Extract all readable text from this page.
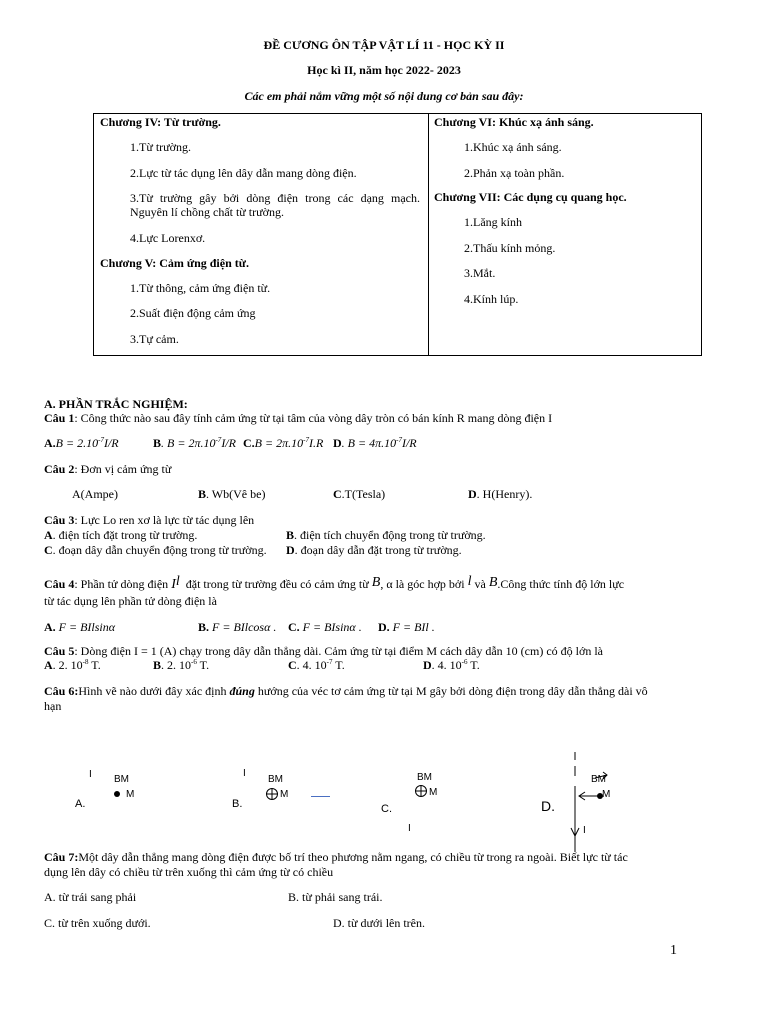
ĐỀ CƯƠNG ÔN TẬP VẬT LÍ 11 - HỌC KỲ II
Học kì II, năm học 2022- 2023
Các em phải nắm vững một số nội dung cơ bản sau đây:
Chương IV: Từ trường.
1.Từ trường.
2.Lực từ tác dụng lên dây dẫn mang dòng điện.
3.Từ trường gây bởi dòng điện trong các dạng mạch. Nguyên lí chồng chất từ trường.
4.Lực Lorenxơ.
Chương V: Cảm ứng điện từ.
1.Từ thông, cảm ứng điện từ.
2.Suất điện động cảm ứng
3.Tự cảm.

Chương VI: Khúc xạ ánh sáng.
1.Khúc xạ ánh sáng.
2.Phản xạ toàn phần.
Chương VII: Các dụng cụ quang học.
1.Lăng kính
2.Thấu kính mỏng.
3.Mắt.
4.Kính lúp.
A. PHẦN TRẮC NGHIỆM:
Câu 1: Công thức nào sau đây tính cảm ứng từ tại tâm của vòng dây tròn có bán kính R mang dòng điện I
$A.B = 2.10^{-7}I/R$	B. $B = 2\pi.10^{-7}I/R$ $C.B = 2\pi.10^{-7}I.R$ D. $B = 4\pi.10^{-7}I/R$
Câu 2: Đơn vị cảm ứng từ
A(Ampe)	B. Wb(Vê be)	C.T(Tesla)	D. H(Henry).
Câu 3: Lực Lo ren xơ là lực từ tác dụng lên
A. điện tích đặt trong từ trường.	B. điện tích chuyển động trong từ trường.
C. đoạn dây dẫn chuyển động trong từ trường. D. đoạn dây dẫn đặt trong từ trường.
Câu 4: Phần tử dòng điện Il đặt trong từ trường đều có cảm ứng từ B, α là góc hợp bởi l và B.Công thức tính độ lớn lực
từ tác dụng lên phần tử dòng điện là
A. F = BIlsinα	B. F = BIlcosα . C. F = BIsinα . D. F = BIl .
Câu 5: Dòng điện I = 1 (A) chạy trong dây dẫn thẳng dài. Cảm ứng từ tại điểm M cách dây dẫn 10 (cm) có độ lớn là
A. 2. $10^{-8}$ T.	B. 2. $10^{-6}$ T.	C. 4. $10^{-7}$ T.	D. 4. $10^{-6}$ T.
Câu 6:Hình vẽ nào dưới đây xác định đúng hướng của véc tơ cảm ứng từ tại M gây bởi dòng điện trong dây dẫn thẳng dài vô
hạn
I BM
M
A.
I
BM
M
B.
BM
M
C.
I
BM
M
I
D.
Câu 7:Một dây dẫn thẳng mang dòng điện được bố trí theo phương nằm ngang, có chiều từ trong ra ngoài. Biết lực từ tác
dụng lên dây có chiều từ trên xuống thì cảm ứng từ có chiều
A. từ trái sang phải	B. từ phải sang trái.
C. từ trên xuống dưới.	D. từ dưới lên trên.
1
